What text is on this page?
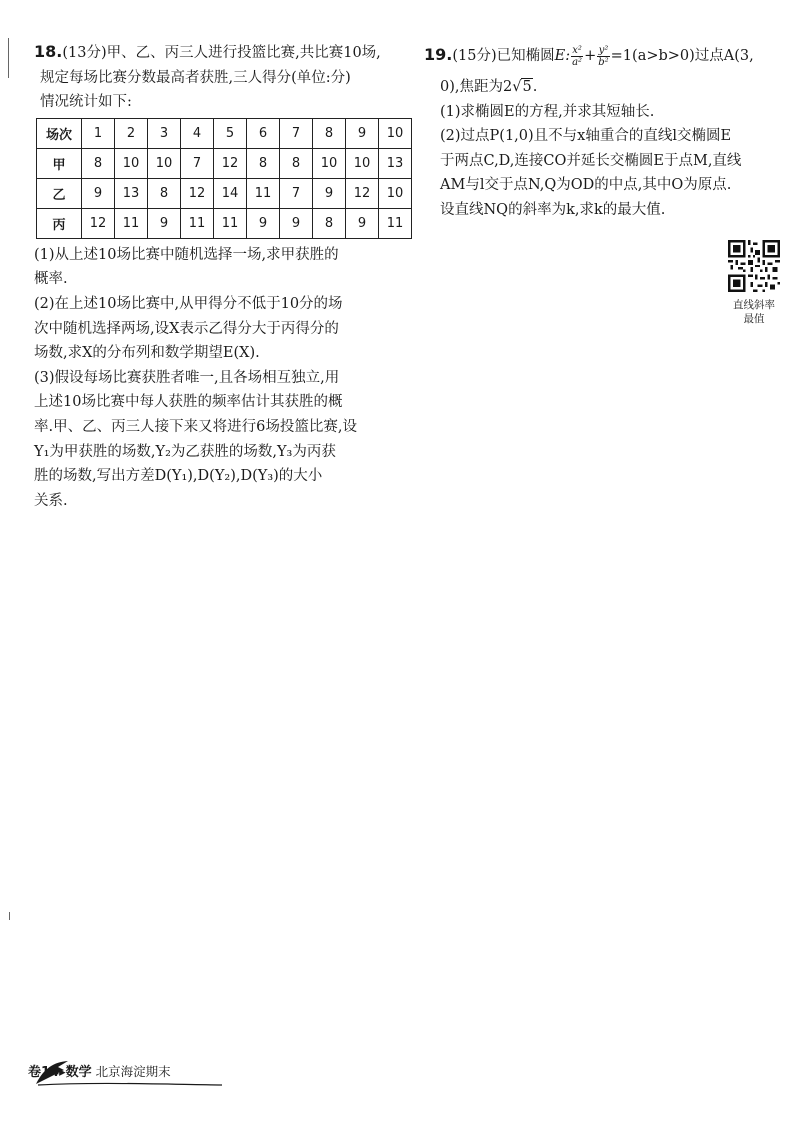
18.(13分)甲、乙、丙三人进行投篮比赛,共比赛10场,
规定每场比赛分数最高者获胜,三人得分(单位:分)
情况统计如下:
场次	1	2	3	4	5	6	7	8	9	10
甲	8	10	10	7	12	8	8	10	10	13
乙	9	13	8	12	14	11	7	9	12	10
丙	12	11	9	11	11	9	9	8	9	11
(1)从上述10场比赛中随机选择一场,求甲获胜的
概率.
(2)在上述10场比赛中,从甲得分不低于10分的场
次中随机选择两场,设X表示乙得分大于丙得分的
场数,求X的分布列和数学期望E(X).
(3)假设每场比赛获胜者唯一,且各场相互独立,用
上述10场比赛中每人获胜的频率估计其获胜的概
率.甲、乙、丙三人接下来又将进行6场投篮比赛,设
Y₁为甲获胜的场数,Y₂为乙获胜的场数,Y₃为丙获
胜的场数,写出方差D(Y₁),D(Y₂),D(Y₃)的大小
关系.
19.(15分)已知椭圆E: $\frac{\text{x²}}{\text{a²}} + \frac{\text{y²}}{\text{b²}} =1(a>b>0)$过点A(3,
0),焦距为2√5.
(1)求椭圆E的方程,并求其短轴长.
(2)过点P(1,0)且不与x轴重合的直线l交椭圆E
于两点C,D,连接CO并延长交椭圆E于点M,直线
AM与l交于点N,Q为OD的中点,其中O为原点.
设直线NQ的斜率为k,求k的最大值.
直线斜率
最值
卷14▸数学 北京海淀期末
